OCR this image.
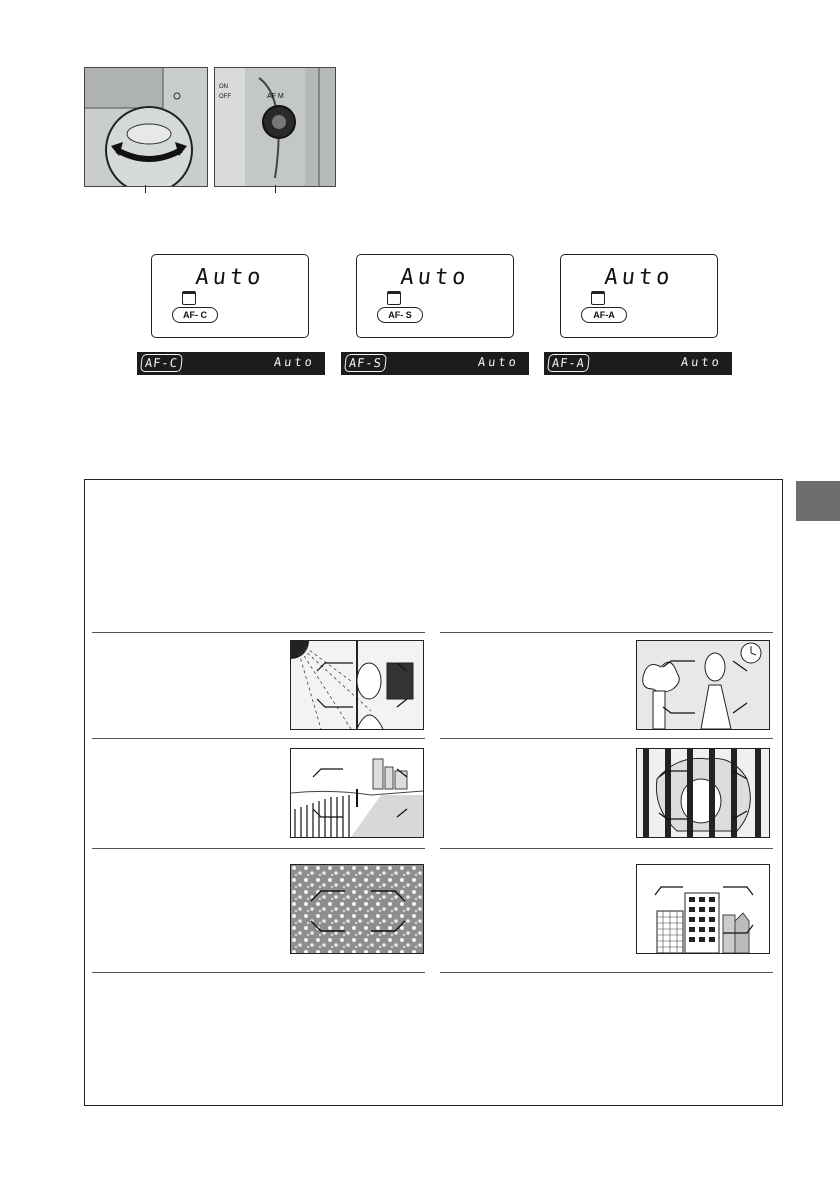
AF M
ON
OFF
Auto
AF- C
Auto
AF- S
Auto
AF-A
AF-C	Auto	AF-S	Auto	AF-A	Auto
